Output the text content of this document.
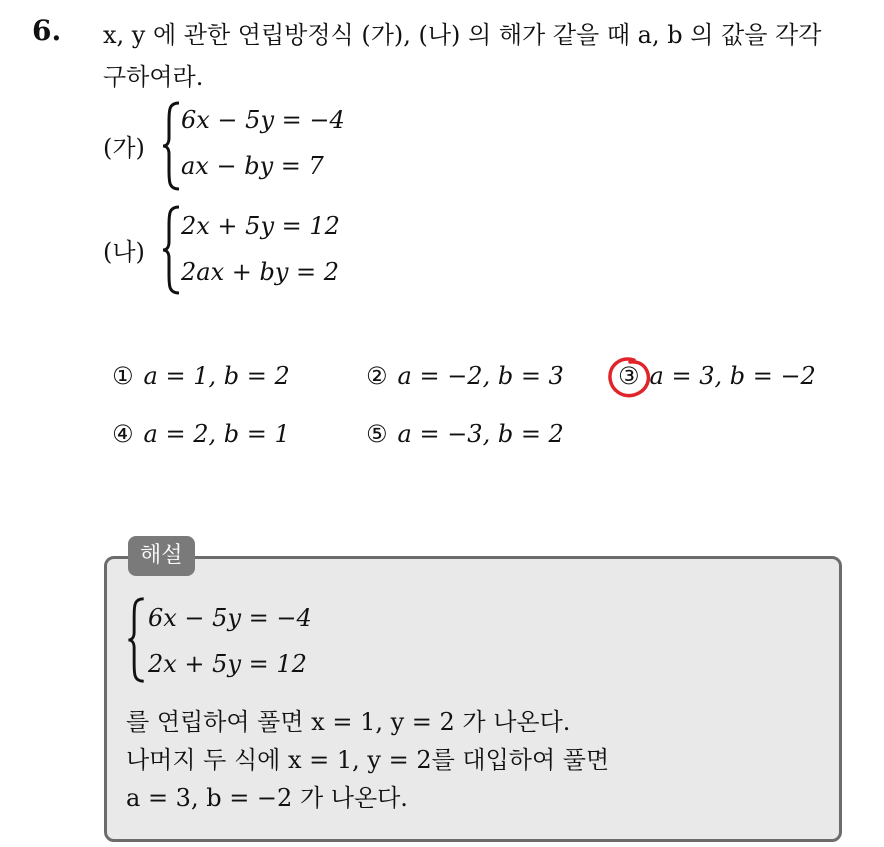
6. x, y 에 관한 연립방정식 (가), (나) 의 해가 같을 때 a, b 의 값을 각각
구하여라.
(가)
6x − 5y = −4
ax − by = 7
(나)
2x + 5y = 12
2ax + by = 2
① a = 1, b = 2	② a = −2, b = 3 ③ a = 3, b = −2
④ a = 2, b = 1	⑤ a = −3, b = 2
해설
6x − 5y = −4
2x + 5y = 12
를 연립하여 풀면 x = 1, y = 2 가 나온다.
나머지 두 식에 x = 1, y = 2를 대입하여 풀면
a = 3, b = −2 가 나온다.
